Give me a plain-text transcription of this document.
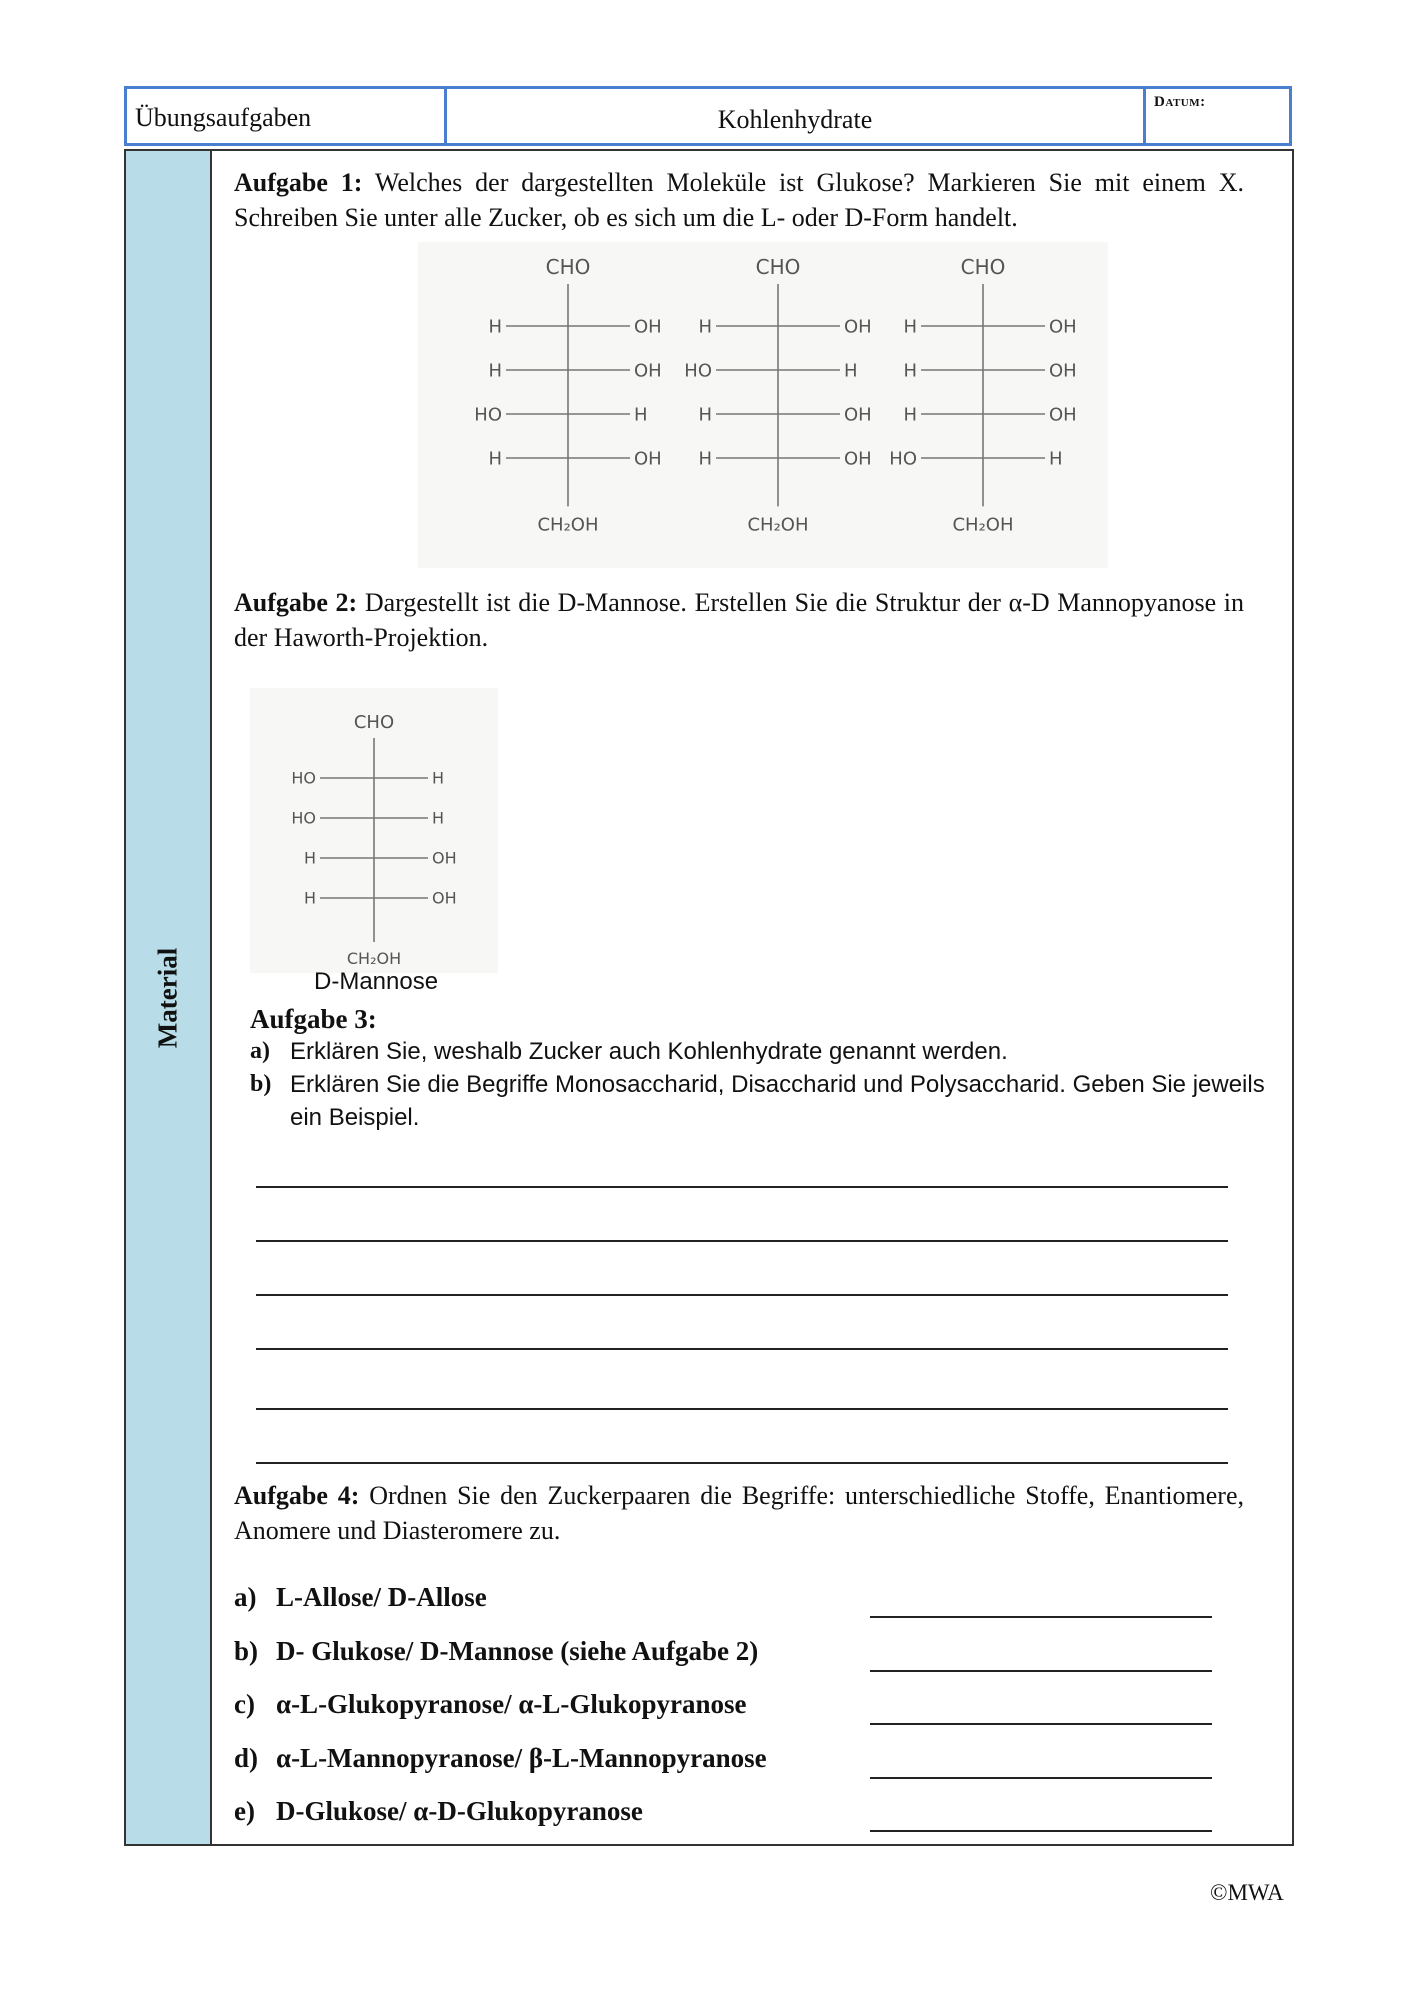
Übungsaufgaben	Kohlenhydrate
Datum:
Material
Aufgabe 1: Welches der dargestellten Moleküle ist Glukose? Markieren Sie mit einem X. Schreiben Sie unter alle Zucker, ob es sich um die L- oder D-Form handelt.
CHO
H	OH
H	OH
HO	H
H	OH
CH₂OH
CHO
H	OH
HO	H
H	OH
H	OH
CH₂OH
CHO
H	OH
H	OH
H	OH
HO	H
CH₂OH
Aufgabe 2: Dargestellt ist die D-Mannose. Erstellen Sie die Struktur der α-D Mannopyanose in der Haworth-Projektion.
CHO
HO	H
HO	H
H	OH
H	OH
CH₂OH
D-Mannose
Aufgabe 3:
a) Erklären Sie, weshalb Zucker auch Kohlenhydrate genannt werden.
b) Erklären Sie die Begriffe Monosaccharid, Disaccharid und Polysaccharid. Geben Sie jeweils ein Beispiel.
Aufgabe 4: Ordnen Sie den Zuckerpaaren die Begriffe: unterschiedliche Stoffe, Enantiomere, Anomere und Diasteromere zu.
a) L-Allose/ D-Allose
b) D- Glukose/ D-Mannose (siehe Aufgabe 2)
c) α-L-Glukopyranose/ α-L-Glukopyranose
d) α-L-Mannopyranose/ β-L-Mannopyranose
e) D-Glukose/ α-D-Glukopyranose
©MWA
